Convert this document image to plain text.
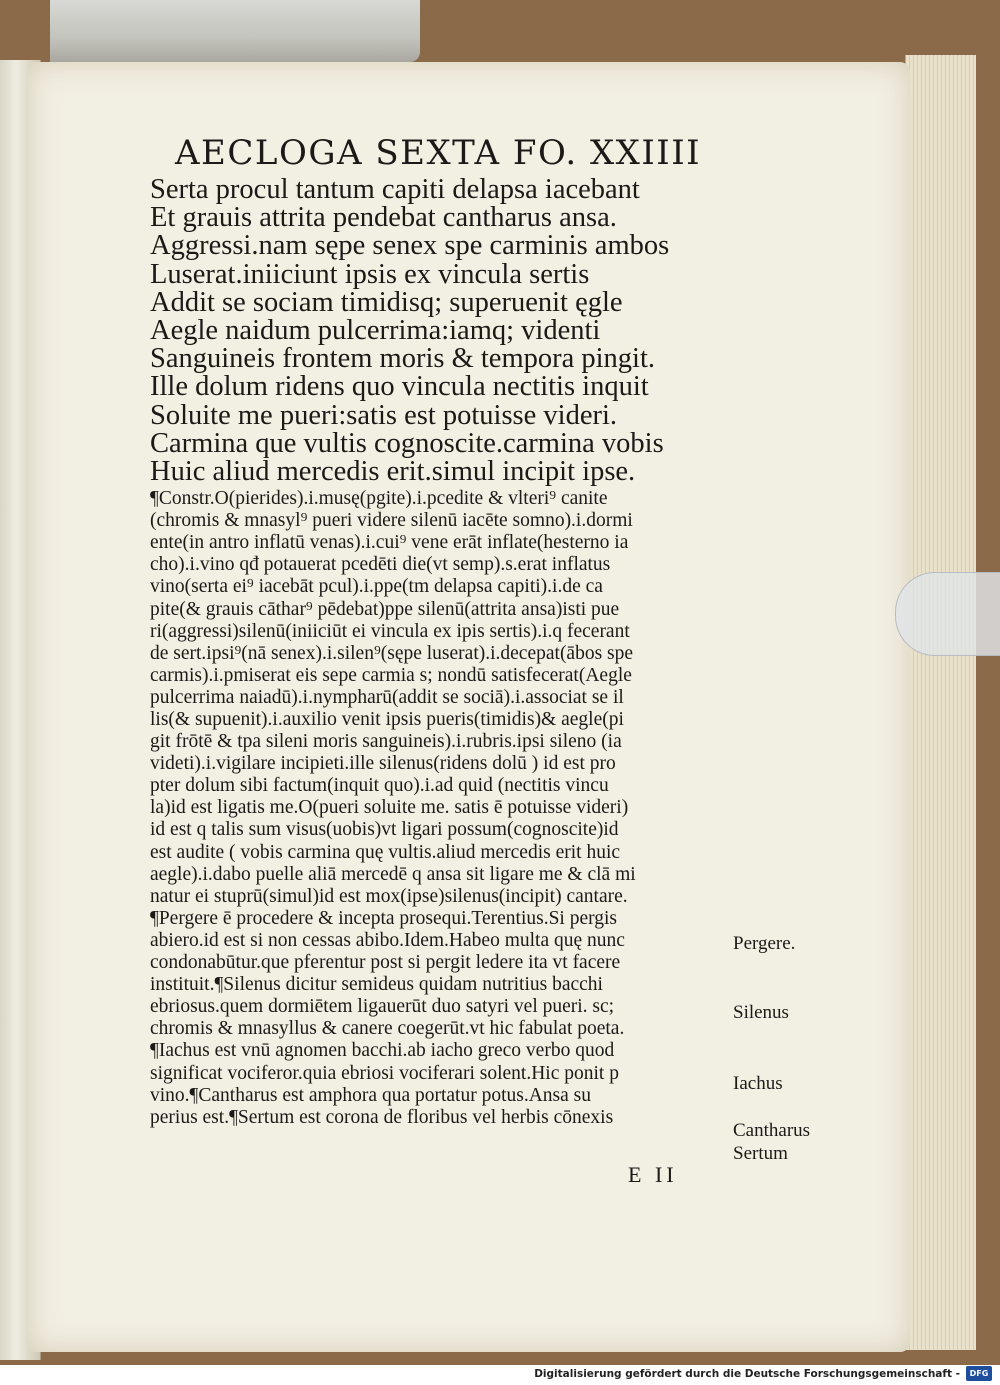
AECLOGA SEXTA FO. XXIIII
Serta procul tantum capiti delapsa iacebant
Et grauis attrita pendebat cantharus ansa.
Aggressi.nam sępe senex spe carminis ambos
Luserat.iniiciunt ipsis ex vincula sertis
Addit se sociam timidisq; superuenit ęgle
Aegle naidum pulcerrima:iamq; videnti
Sanguineis frontem moris & tempora pingit.
Ille dolum ridens quo vincula nectitis inquit
Soluite me pueri:satis est potuisse videri.
Carmina que vultis cognoscite.carmina vobis
Huic aliud mercedis erit.simul incipit ipse.
¶Constr.O(pierides).i.musę(pgite).i.pcedite & vlteri⁹ canite
(chromis & mnasyl⁹ pueri videre silenū iacēte somno).i.dormi
ente(in antro inflatū venas).i.cui⁹ vene erāt inflate(hesterno ia
cho).i.vino qđ potauerat pcedēti die(vt semp).s.erat inflatus
vino(serta ei⁹ iacebāt pcul).i.ppe(tm delapsa capiti).i.de ca
pite(& grauis cāthar⁹ pēdebat)ppe silenū(attrita ansa)isti pue
ri(aggressi)silenū(iniiciūt ei vincula ex ipis sertis).i.q fecerant
de sert.ipsi⁹(nā senex).i.silen⁹(sępe luserat).i.decepat(ābos spe
carmis).i.pmiserat eis sepe carmia s; nondū satisfecerat(Aegle
pulcerrima naiadū).i.nympharū(addit se sociā).i.associat se il
lis(& supuenit).i.auxilio venit ipsis pueris(timidis)& aegle(pi
git frōtē & tpa sileni moris sanguineis).i.rubris.ipsi sileno (ia
videti).i.vigilare incipieti.ille silenus(ridens dolū ) id est pro
pter dolum sibi factum(inquit quo).i.ad quid (nectitis vincu
la)id est ligatis me.O(pueri soluite me. satis ē potuisse videri)
id est q talis sum visus(uobis)vt ligari possum(cognoscite)id
est audite ( vobis carmina quę vultis.aliud mercedis erit huic
aegle).i.dabo puelle aliā mercedē q ansa sit ligare me & clā mi
natur ei stuprū(simul)id est mox(ipse)silenus(incipit) cantare.
¶Pergere ē procedere & incepta prosequi.Terentius.Si pergis
abiero.id est si non cessas abibo.Idem.Habeo multa quę nunc
condonabūtur.que pferentur post si pergit ledere ita vt facere
instituit.¶Silenus dicitur semideus quidam nutritius bacchi
ebriosus.quem dormiētem ligauerūt duo satyri vel pueri. sc;
chromis & mnasyllus & canere coegerūt.vt hic fabulat poeta.
¶Iachus est vnū agnomen bacchi.ab iacho greco verbo quod
significat vociferor.quia ebriosi vociferari solent.Hic ponit p
vino.¶Cantharus est amphora qua portatur potus.Ansa su
perius est.¶Sertum est corona de floribus vel herbis cōnexis
E II
Pergere.
Silenus
Iachus
Cantharus
Sertum
Digitalisierung gefördert durch die Deutsche Forschungsgemeinschaft -	DFG
